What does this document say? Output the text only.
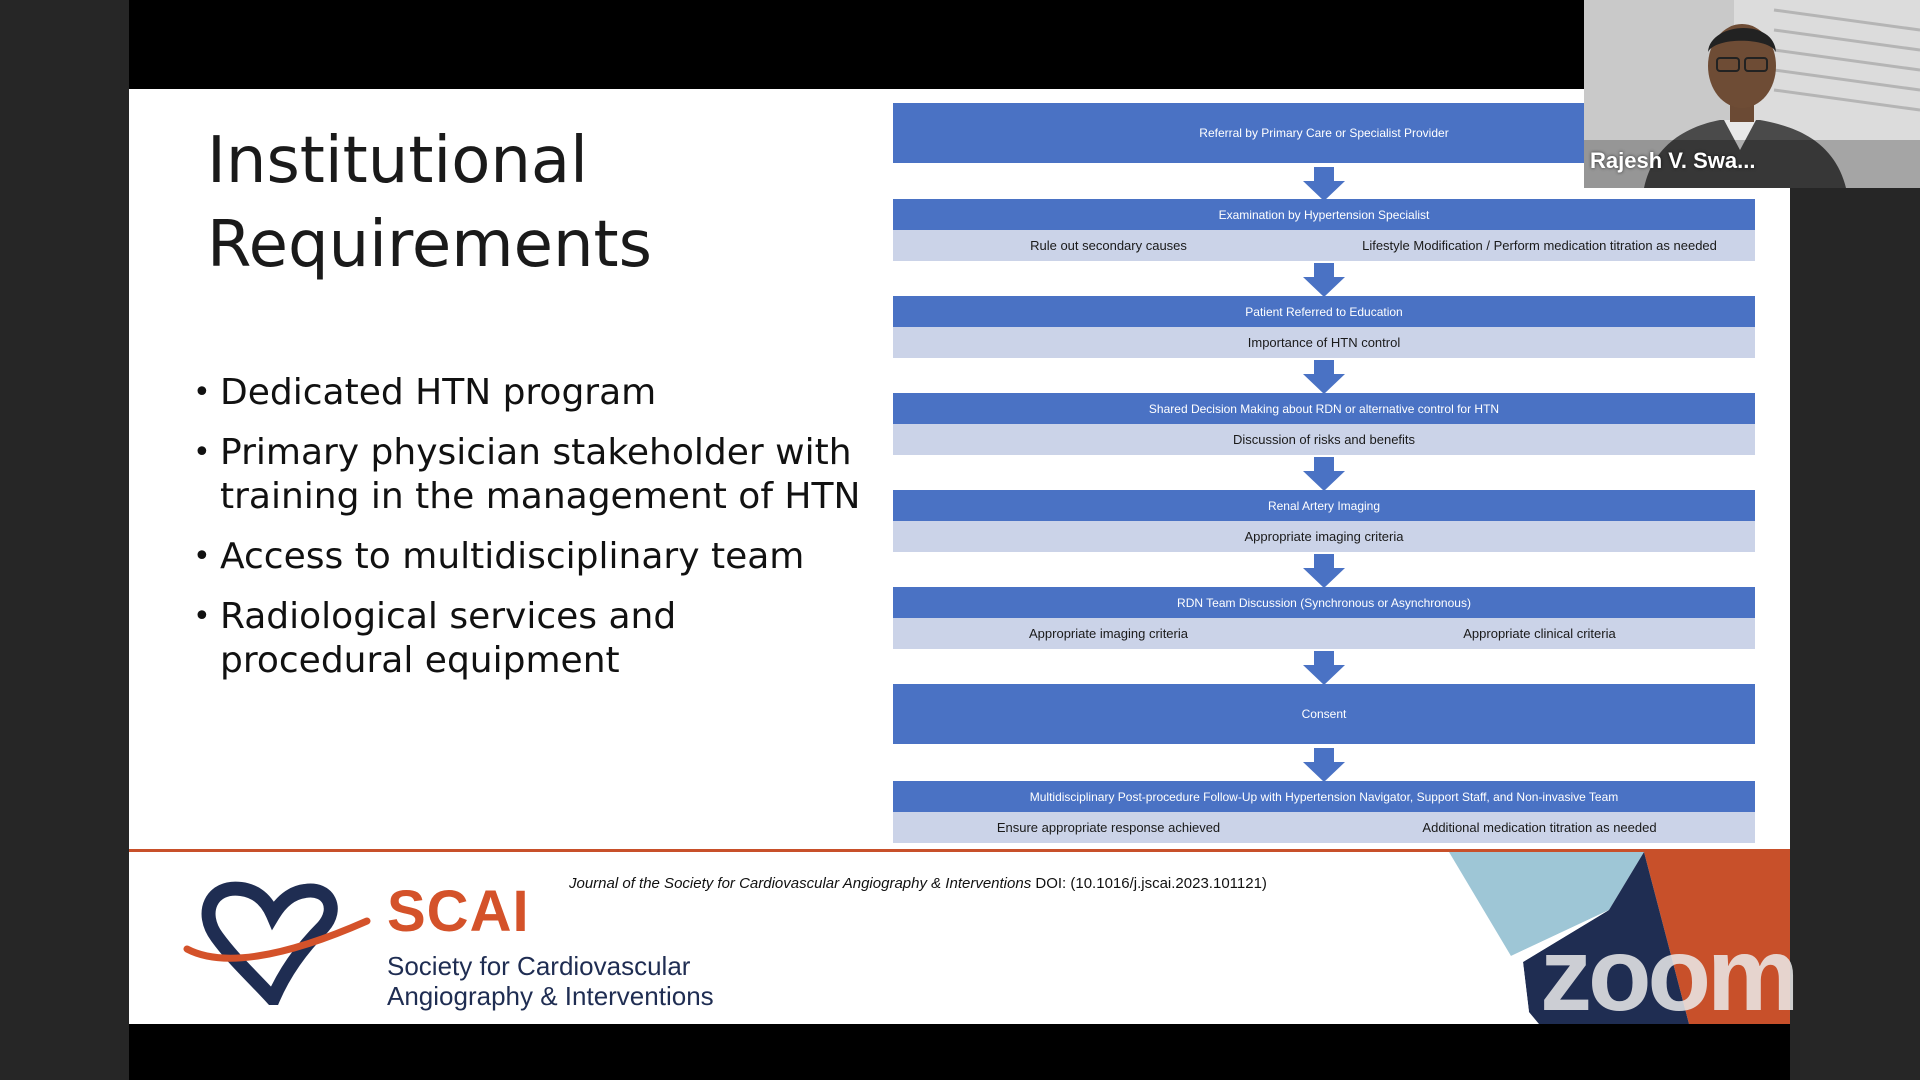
Institutional
Requirements
• Dedicated HTN program
• Primary physician stakeholder with training in the management of HTN
• Access to multidisciplinary team
• Radiological services and procedural equipment
Referral by Primary Care or Specialist Provider
Examination by Hypertension Specialist
Rule out secondary causes	Lifestyle Modification / Perform medication titration as needed
Patient Referred to Education
Importance of HTN control
Shared Decision Making about RDN or alternative control for HTN
Discussion of risks and benefits
Renal Artery Imaging
Appropriate imaging criteria
RDN Team Discussion (Synchronous or Asynchronous)
Appropriate imaging criteria	Appropriate clinical criteria
Consent
Multidisciplinary Post-procedure Follow-Up with Hypertension Navigator, Support Staff, and Non-invasive Team
Ensure appropriate response achieved	Additional medication titration as needed
Journal of the Society for Cardiovascular Angiography & Interventions DOI: (10.1016/j.jscai.2023.101121)
SCAI
Society for Cardiovascular
Angiography & Interventions	zoom
Rajesh V. Swa...
